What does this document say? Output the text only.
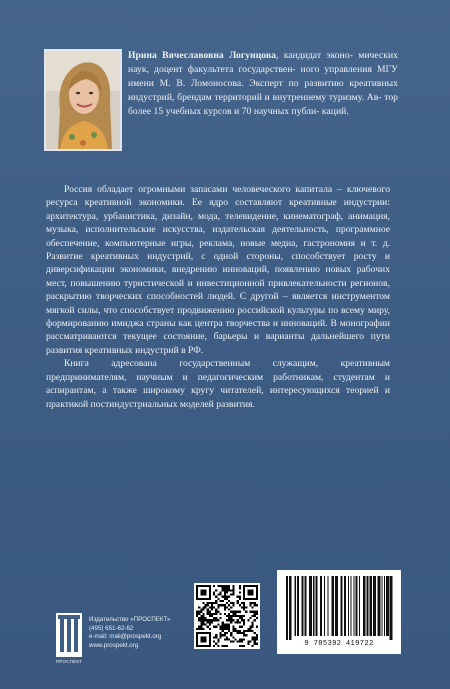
Ирина Вячеславовна Логунцова, кандидат эконо- мических наук, доцент факультета государствен- ного управления МГУ имени М. В. Ломоносова. Эксперт по развитию креативных индустрий, брендам территорий и внутреннему туризму. Ав- тор более 15 учебных курсов и 70 научных публи- каций.

Россия обладает огромными запасами человеческого капитала – ключевого ресурса креативной экономики. Ее ядро составляют креативные индустрии: архитектура, урбанистика, дизайн, мода, телевидение, кинематограф, анимация, музыка, исполнительские искусства, издательская деятельность, программное обеспечение, компьютерные игры, реклама, новые медиа, гастрономия и т. д. Развитие креативных индустрий, с одной стороны, способствует росту и диверсификации экономики, внедрению инноваций, появлению новых рабочих мест, повышению туристической и инвестиционной привлекательности регионов, раскрытию творческих способностей людей. С другой – является инструментом мягкой силы, что способствует продвижению российской культуры по всему миру, формированию имиджа страны как центра творчества и инноваций. В монографии рассматриваются текущее состояние, барьеры и варианты дальнейшего пути развития креативных индустрий в РФ.

Книга адресована государственным служащим, креативным предпринимателям, научным и педагогическим работникам, студентам и аспирантам, а также широкому кругу читателей, интересующихся теорией и практикой постиндустриальных моделей развития.

ПРОСПЕКТ
Издательство «ПРОСПЕКТ»
(495) 651-62-62
e-mail: mail@prospekt.org
www.prospekt.org	9 785392 419722
